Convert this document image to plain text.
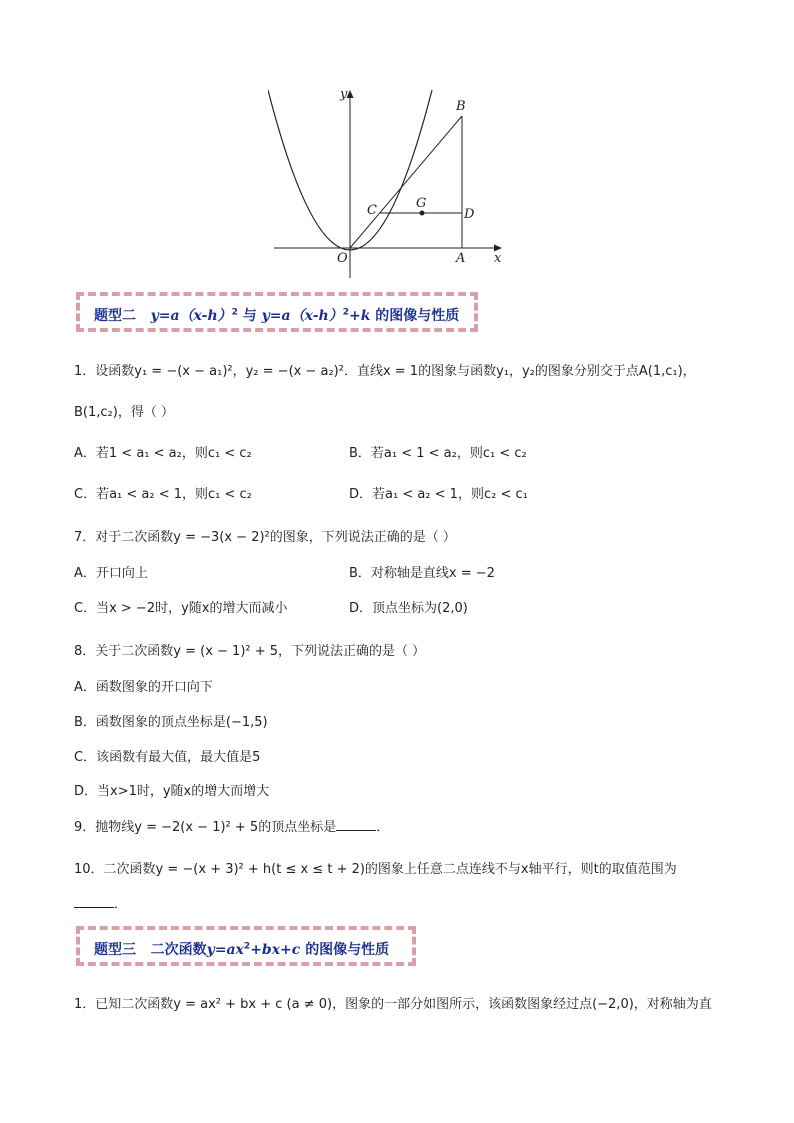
y
x
O
B
C	G
D
A
题型二 $y=a(x-h)^2$ 与 $y=a(x-h)^2+k$ 的图像与性质
1．设函数y₁ = −(x − a₁)²，y₂ = −(x − a₂)²．直线x = 1的图象与函数y₁，y₂的图象分别交于点A(1,c₁)，
B(1,c₂)，得（ ）
A．若1 < a₁ < a₂，则c₁ < c₂	B．若a₁ < 1 < a₂，则c₁ < c₂
C．若a₁ < a₂ < 1，则c₁ < c₂	D．若a₁ < a₂ < 1，则c₂ < c₁
7．对于二次函数y = −3(x − 2)²的图象，下列说法正确的是（ ）
A．开口向上	B．对称轴是直线x = −2
C．当x > −2时，y随x的增大而减小	D．顶点坐标为(2,0)
8．关于二次函数y = (x − 1)² + 5，下列说法正确的是（ ）
A．函数图象的开口向下
B．函数图象的顶点坐标是(−1,5)
C．该函数有最大值，最大值是5
D．当x>1时，y随x的增大而增大
9．抛物线y = −2(x − 1)² + 5的顶点坐标是	．
10．二次函数y = −(x + 3)² + h(t ≤ x ≤ t + 2)的图象上任意二点连线不与x轴平行，则t的取值范围为
．
题型三 二次函数$y=ax^2+bx+c$ 的图像与性质
1．已知二次函数y = ax² + bx + c (a ≠ 0)，图象的一部分如图所示，该函数图象经过点(−2,0)，对称轴为直
